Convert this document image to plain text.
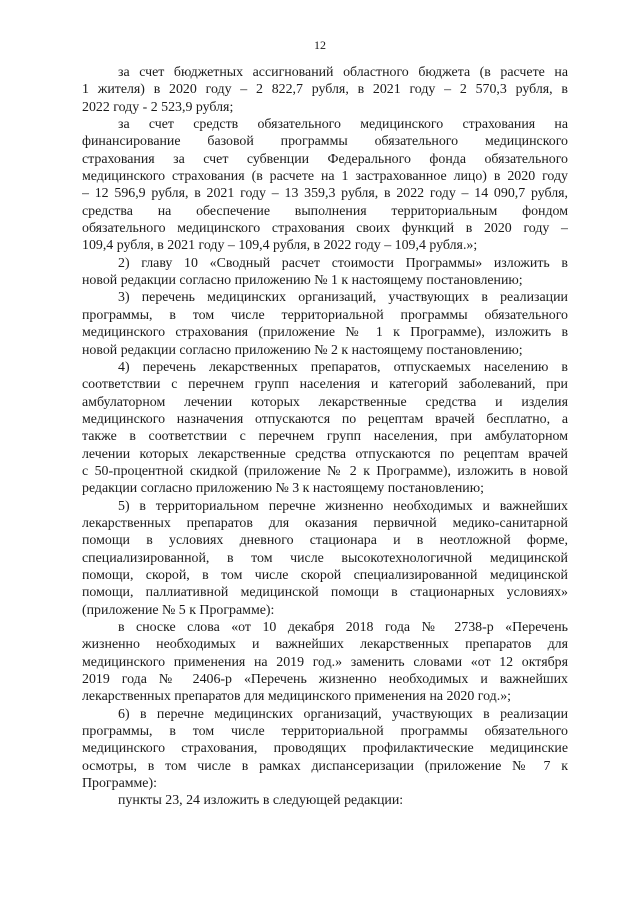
12
за счет бюджетных ассигнований областного бюджета (в расчете на
1 жителя) в 2020 году – 2 822,7 рубля, в 2021 году – 2 570,3 рубля, в
2022 году - 2 523,9 рубля;
за счет средств обязательного медицинского страхования на
финансирование базовой программы обязательного медицинского
страхования за счет субвенции Федерального фонда обязательного
медицинского страхования (в расчете на 1 застрахованное лицо) в 2020 году
– 12 596,9 рубля, в 2021 году – 13 359,3 рубля, в 2022 году – 14 090,7 рубля,
средства на обеспечение выполнения территориальным фондом
обязательного медицинского страхования своих функций в 2020 году –
109,4 рубля, в 2021 году – 109,4 рубля, в 2022 году – 109,4 рубля.»;
2) главу 10 «Сводный расчет стоимости Программы» изложить в
новой редакции согласно приложению № 1 к настоящему постановлению;
3) перечень медицинских организаций, участвующих в реализации
программы, в том числе территориальной программы обязательного
медицинского страхования (приложение № 1 к Программе), изложить в
новой редакции согласно приложению № 2 к настоящему постановлению;
4) перечень лекарственных препаратов, отпускаемых населению в
соответствии с перечнем групп населения и категорий заболеваний, при
амбулаторном лечении которых лекарственные средства и изделия
медицинского назначения отпускаются по рецептам врачей бесплатно, а
также в соответствии с перечнем групп населения, при амбулаторном
лечении которых лекарственные средства отпускаются по рецептам врачей
с 50-процентной скидкой (приложение № 2 к Программе), изложить в новой
редакции согласно приложению № 3 к настоящему постановлению;
5) в территориальном перечне жизненно необходимых и важнейших
лекарственных препаратов для оказания первичной медико-санитарной
помощи в условиях дневного стационара и в неотложной форме,
специализированной, в том числе высокотехнологичной медицинской
помощи, скорой, в том числе скорой специализированной медицинской
помощи, паллиативной медицинской помощи в стационарных условиях»
(приложение № 5 к Программе):
в сноске слова «от 10 декабря 2018 года № 2738-р «Перечень
жизненно необходимых и важнейших лекарственных препаратов для
медицинского применения на 2019 год.» заменить словами «от 12 октября
2019 года № 2406-р «Перечень жизненно необходимых и важнейших
лекарственных препаратов для медицинского применения на 2020 год.»;
6) в перечне медицинских организаций, участвующих в реализации
программы, в том числе территориальной программы обязательного
медицинского страхования, проводящих профилактические медицинские
осмотры, в том числе в рамках диспансеризации (приложение № 7 к
Программе):
пункты 23, 24 изложить в следующей редакции:
